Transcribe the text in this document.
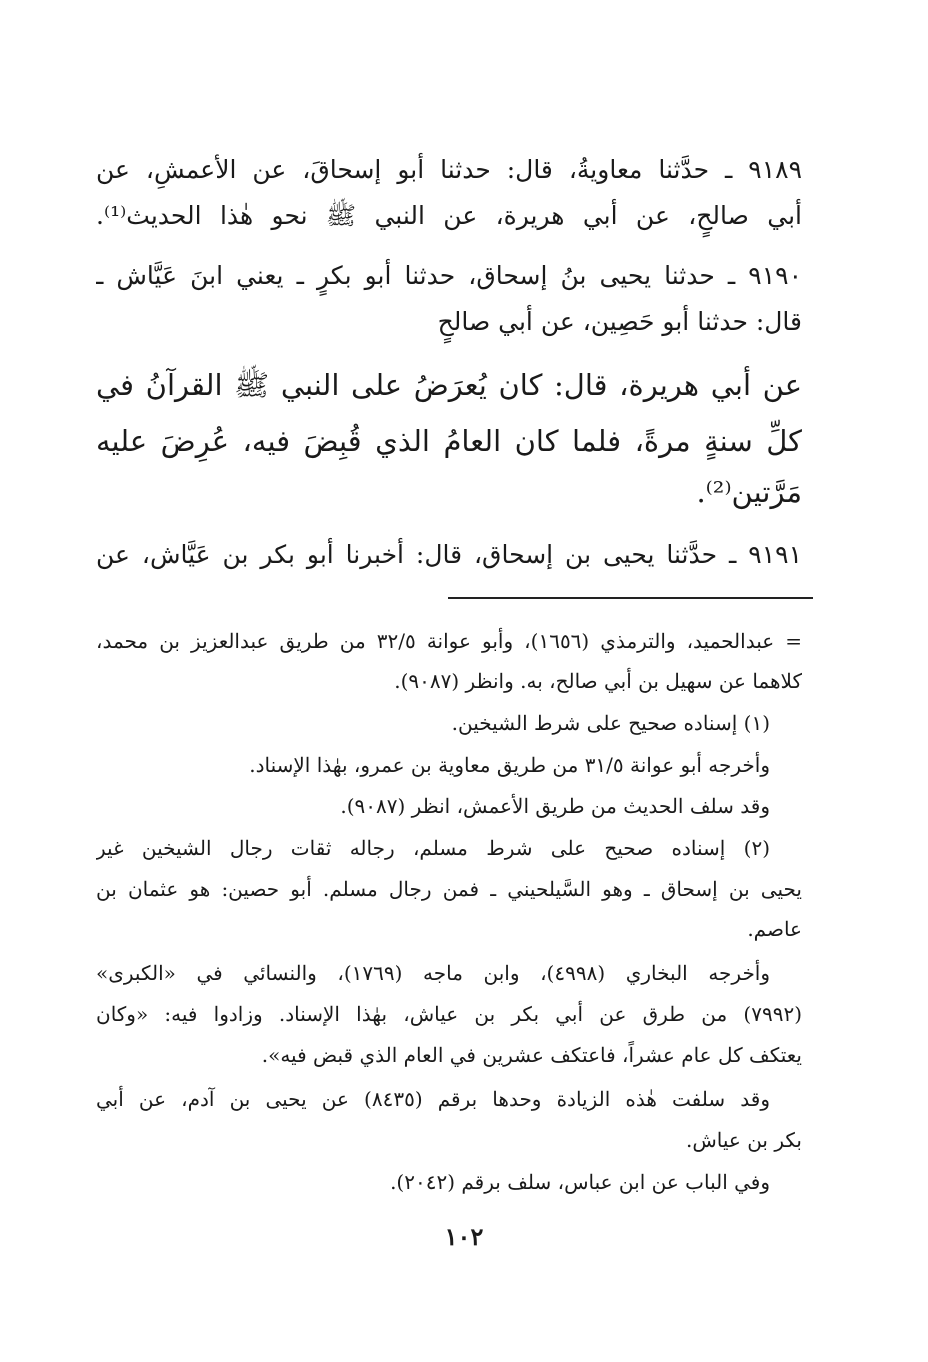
٩١٨٩ ـ حدَّثنا معاويةُ، قال: حدثنا أبو إسحاقَ، عن الأعمشِ، عن
أبي صالحٍ، عن أبي هريرة، عن النبي ﷺ نحو هٰذا الحديث⁽¹⁾.
٩١٩٠ ـ حدثنا يحيى بنُ إسحاق، حدثنا أبو بكرٍ ـ يعني ابنَ عَيَّاش ـ
قال: حدثنا أبو حَصِين، عن أبي صالحٍ
عن أبي هريرة، قال: كان يُعرَضُ على النبي ﷺ القرآنُ في
كلِّ سنةٍ مرةً، فلما كان العامُ الذي قُبِضَ فيه، عُرِضَ عليه
مَرَّتين⁽²⁾.
٩١٩١ ـ حدَّثنا يحيى بن إسحاق، قال: أخبرنا أبو بكر بن عَيَّاش، عن
= عبدالحميد، والترمذي (١٦٥٦)، وأبو عوانة ٣٢/٥ من طريق عبدالعزيز بن محمد،
كلاهما عن سهيل بن أبي صالح، به. وانظر (٩٠٨٧).
(١) إسناده صحيح على شرط الشيخين.
وأخرجه أبو عوانة ٣١/٥ من طريق معاوية بن عمرو، بهٰذا الإسناد.
وقد سلف الحديث من طريق الأعمش، انظر (٩٠٨٧).
(٢) إسناده صحيح على شرط مسلم، رجاله ثقات رجال الشيخين غير
يحيى بن إسحاق ـ وهو السَّيلحيني ـ فمن رجال مسلم. أبو حصين: هو عثمان بن
عاصم.
وأخرجه البخاري (٤٩٩٨)، وابن ماجه (١٧٦٩)، والنسائي في «الكبرى»
(٧٩٩٢) من طرق عن أبي بكر بن عياش، بهٰذا الإسناد. وزادوا فيه: «وكان
يعتكف كل عام عشراً، فاعتكف عشرين في العام الذي قبض فيه».
وقد سلفت هٰذه الزيادة وحدها برقم (٨٤٣٥) عن يحيى بن آدم، عن أبي
بكر بن عياش.
وفي الباب عن ابن عباس، سلف برقم (٢٠٤٢).
١٠٢
